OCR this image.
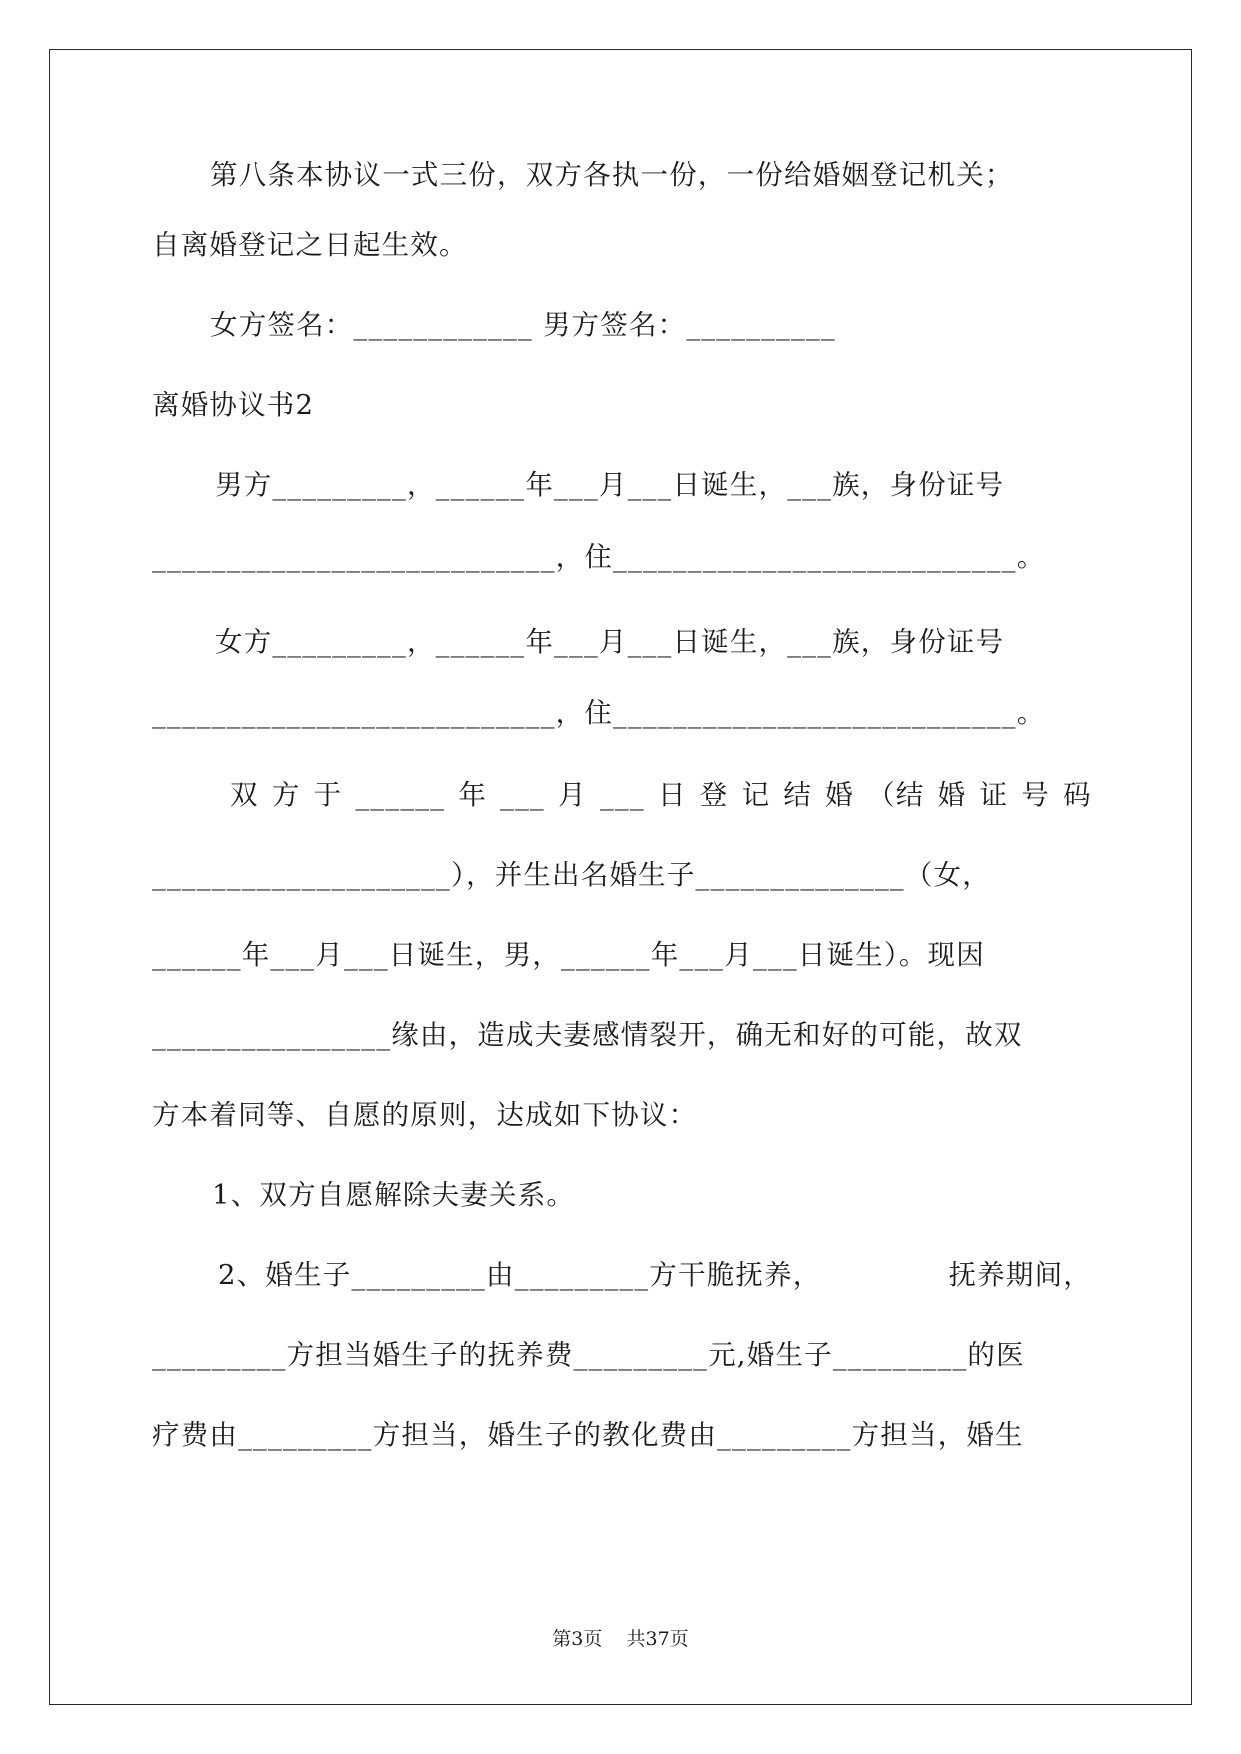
第八条本协议一式三份，双方各执一份，一份给婚姻登记机关；
自离婚登记之日起生效。
女方签名：____________ 男方签名：__________
离婚协议书2
男方_________，______年___月___日诞生，___族，身份证号
___________________________，住___________________________。
女方_________，______年___月___日诞生，___族，身份证号
___________________________，住___________________________。
双 方 于 ______ 年 ___ 月 ___ 日 登 记 结 婚 （结 婚 证 号 码
____________________），并生出名婚生子______________（女，
______年___月___日诞生，男，______年___月___日诞生）。现因
________________缘由，造成夫妻感情裂开，确无和好的可能，故双
方本着同等、自愿的原则，达成如下协议：
1、双方自愿解除夫妻关系。
2、婚生子_________由_________方干脆抚养，	抚养期间，
_________方担当婚生子的抚养费_________元,婚生子_________的医
疗费由_________方担当，婚生子的教化费由_________方担当，婚生
第3页    共37页
